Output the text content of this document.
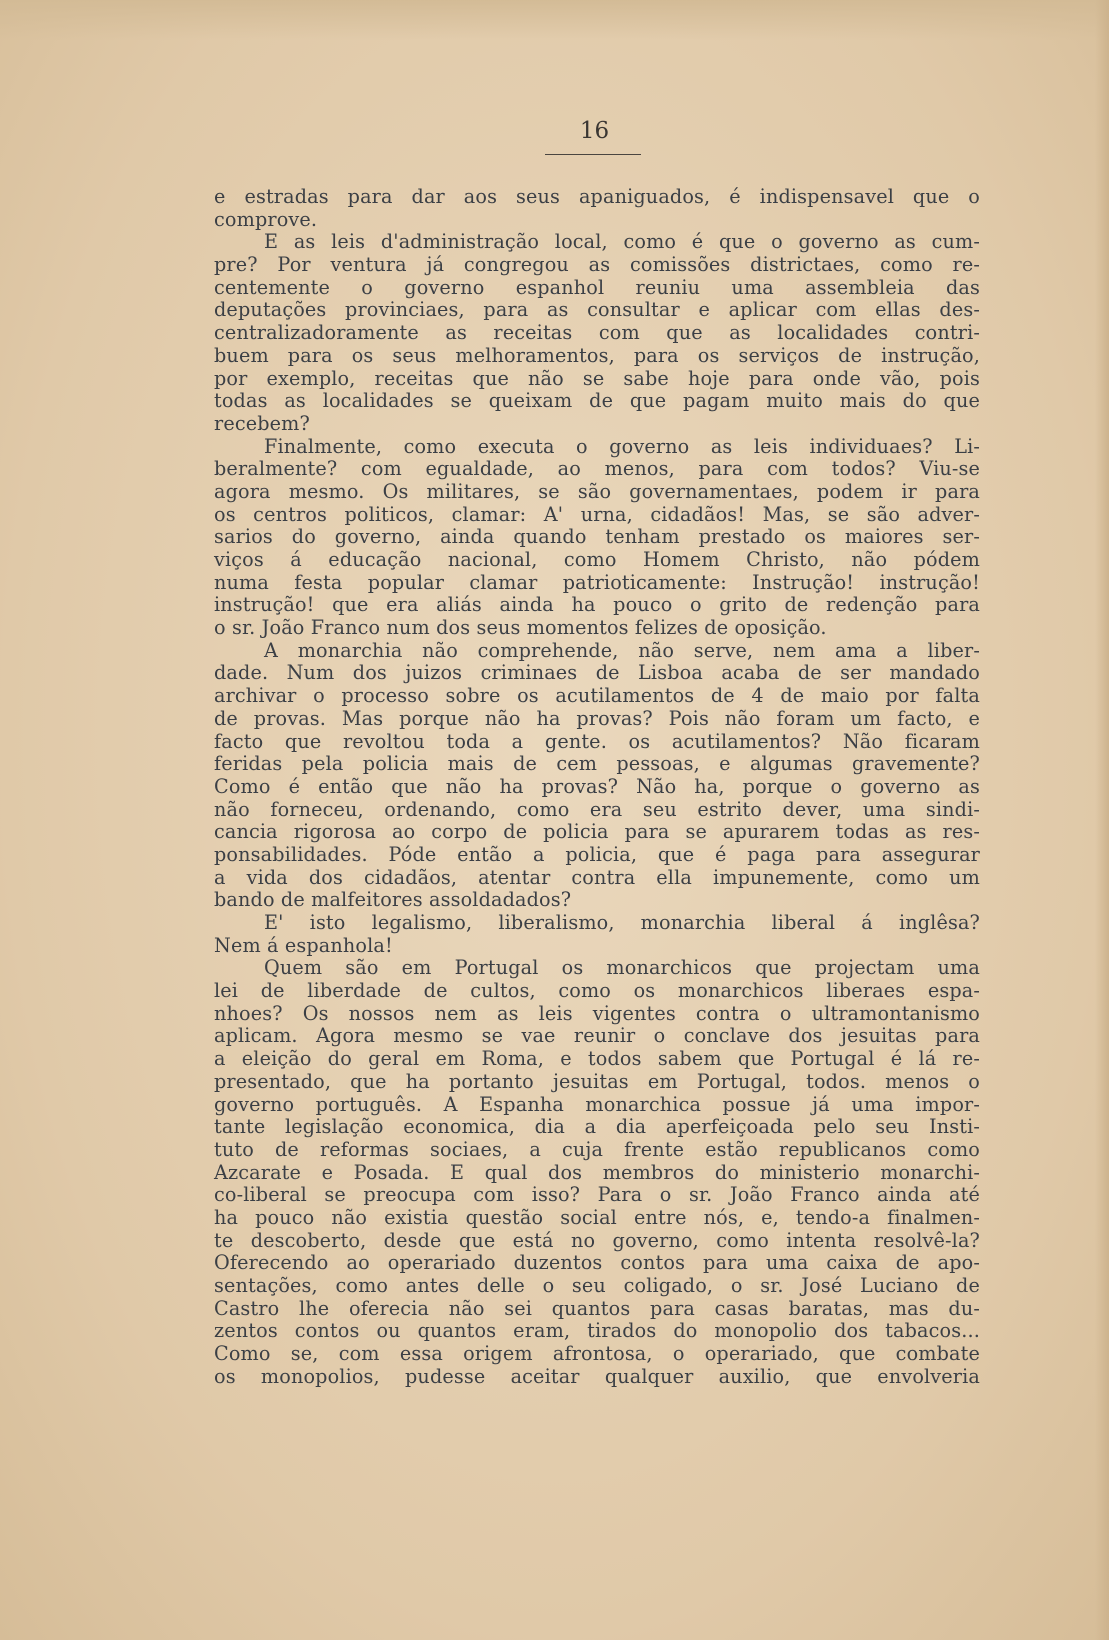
16
e estradas para dar aos seus apaniguados, é indispensavel que o
comprove.
E as leis d'administração local, como é que o governo as cum-
pre? Por ventura já congregou as comissões districtaes, como re-
centemente o governo espanhol reuniu uma assembleia das
deputações provinciaes, para as consultar e aplicar com ellas des-
centralizadoramente as receitas com que as localidades contri-
buem para os seus melhoramentos, para os serviços de instrução,
por exemplo, receitas que não se sabe hoje para onde vão, pois
todas as localidades se queixam de que pagam muito mais do que
recebem?
Finalmente, como executa o governo as leis individuaes? Li-
beralmente? com egualdade, ao menos, para com todos? Viu-se
agora mesmo. Os militares, se são governamentaes, podem ir para
os centros politicos, clamar: A' urna, cidadãos! Mas, se são adver-
sarios do governo, ainda quando tenham prestado os maiores ser-
viços á educação nacional, como Homem Christo, não pódem
numa festa popular clamar patrioticamente: Instrução! instrução!
instrução! que era aliás ainda ha pouco o grito de redenção para
o sr. João Franco num dos seus momentos felizes de oposição.
A monarchia não comprehende, não serve, nem ama a liber-
dade. Num dos juizos criminaes de Lisboa acaba de ser mandado
archivar o processo sobre os acutilamentos de 4 de maio por falta
de provas. Mas porque não ha provas? Pois não foram um facto, e
facto que revoltou toda a gente. os acutilamentos? Não ficaram
feridas pela policia mais de cem pessoas, e algumas gravemente?
Como é então que não ha provas? Não ha, porque o governo as
não forneceu, ordenando, como era seu estrito dever, uma sindi-
cancia rigorosa ao corpo de policia para se apurarem todas as res-
ponsabilidades. Póde então a policia, que é paga para assegurar
a vida dos cidadãos, atentar contra ella impunemente, como um
bando de malfeitores assoldadados?
E' isto legalismo, liberalismo, monarchia liberal á inglêsa?
Nem á espanhola!
Quem são em Portugal os monarchicos que projectam uma
lei de liberdade de cultos, como os monarchicos liberaes espa-
nhoes? Os nossos nem as leis vigentes contra o ultramontanismo
aplicam. Agora mesmo se vae reunir o conclave dos jesuitas para
a eleição do geral em Roma, e todos sabem que Portugal é lá re-
presentado, que ha portanto jesuitas em Portugal, todos. menos o
governo português. A Espanha monarchica possue já uma impor-
tante legislação economica, dia a dia aperfeiçoada pelo seu Insti-
tuto de reformas sociaes, a cuja frente estão republicanos como
Azcarate e Posada. E qual dos membros do ministerio monarchi-
co-liberal se preocupa com isso? Para o sr. João Franco ainda até
ha pouco não existia questão social entre nós, e, tendo-a finalmen-
te descoberto, desde que está no governo, como intenta resolvê-la?
Oferecendo ao operariado duzentos contos para uma caixa de apo-
sentações, como antes delle o seu coligado, o sr. José Luciano de
Castro lhe oferecia não sei quantos para casas baratas, mas du-
zentos contos ou quantos eram, tirados do monopolio dos tabacos...
Como se, com essa origem afrontosa, o operariado, que combate
os monopolios, pudesse aceitar qualquer auxilio, que envolveria
